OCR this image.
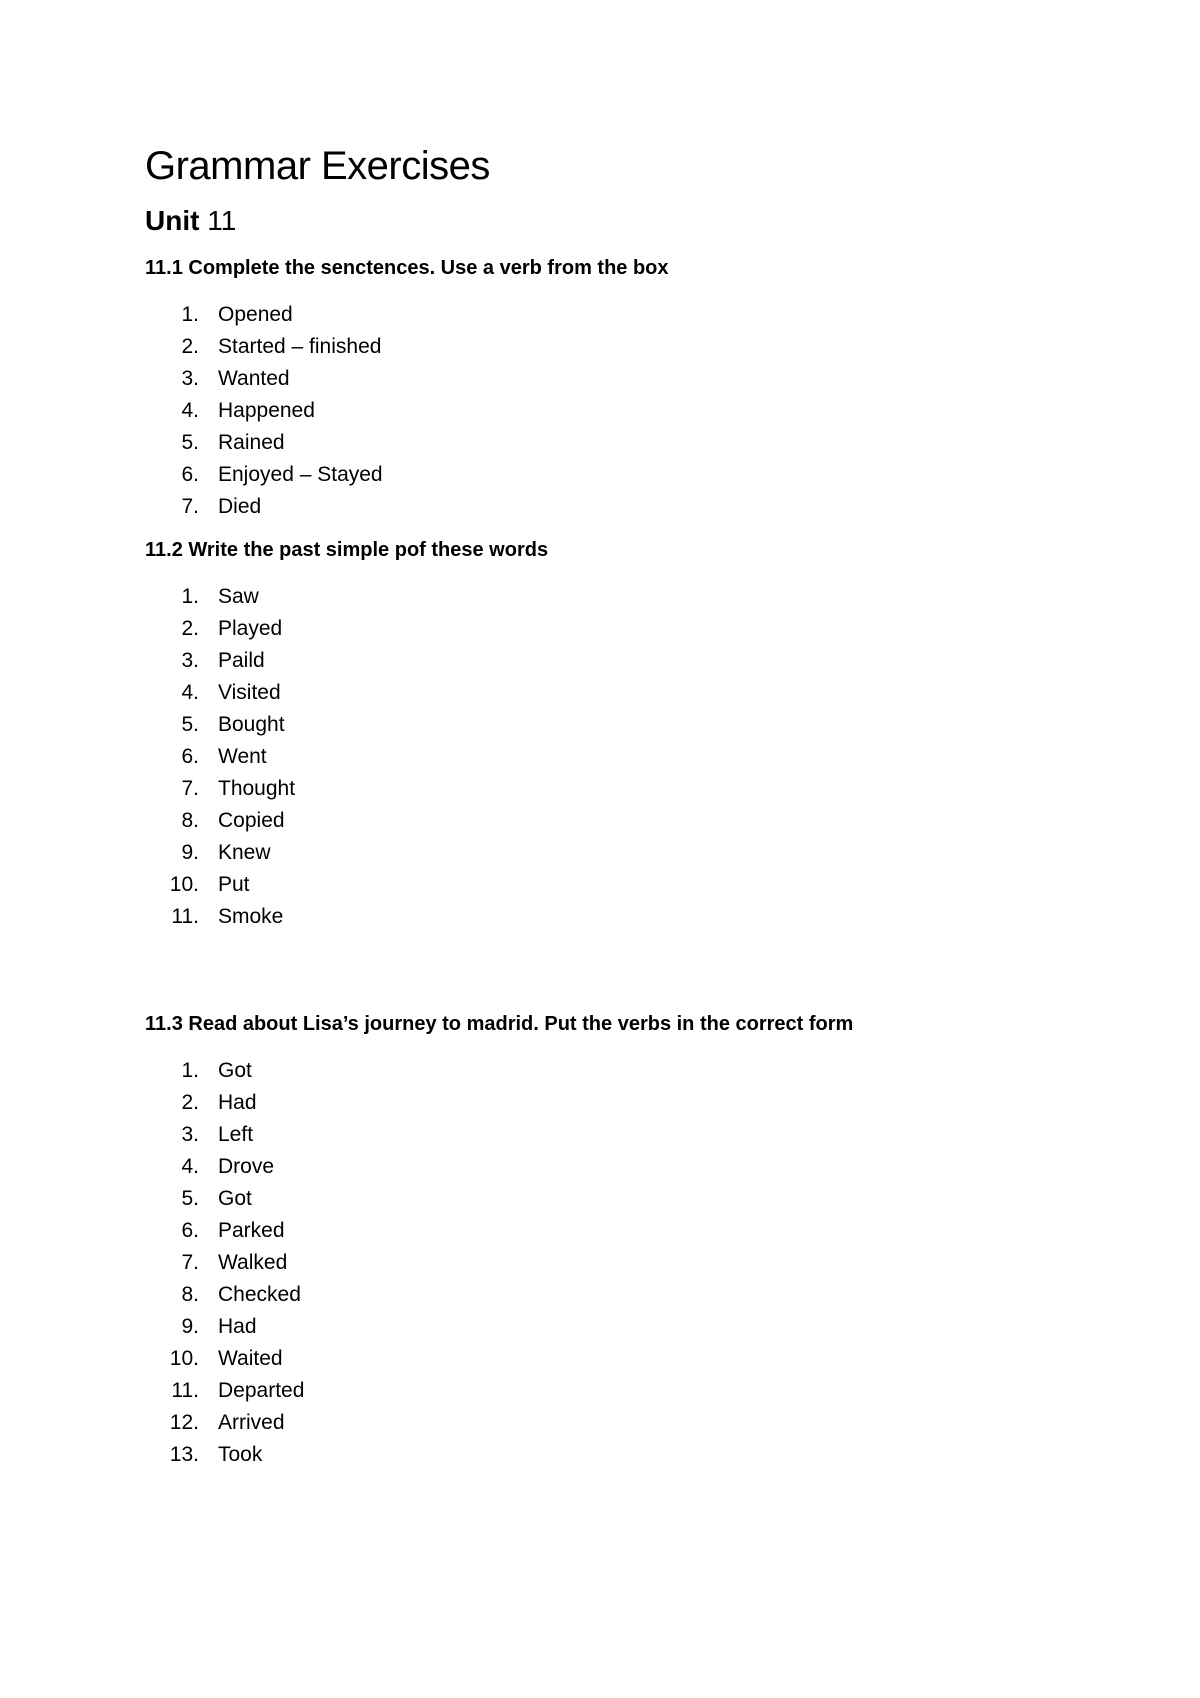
Grammar Exercises
Unit 11
11.1 Complete the senctences. Use a verb from the box
1. Opened
2. Started – finished
3. Wanted
4. Happened
5. Rained
6. Enjoyed – Stayed
7. Died
11.2 Write the past simple pof these words
1. Saw
2. Played
3. Paild
4. Visited
5. Bought
6. Went
7. Thought
8. Copied
9. Knew
10. Put
11. Smoke
11.3 Read about Lisa’s journey to madrid. Put the verbs in the correct form
1. Got
2. Had
3. Left
4. Drove
5. Got
6. Parked
7. Walked
8. Checked
9. Had
10. Waited
11. Departed
12. Arrived
13. Took
